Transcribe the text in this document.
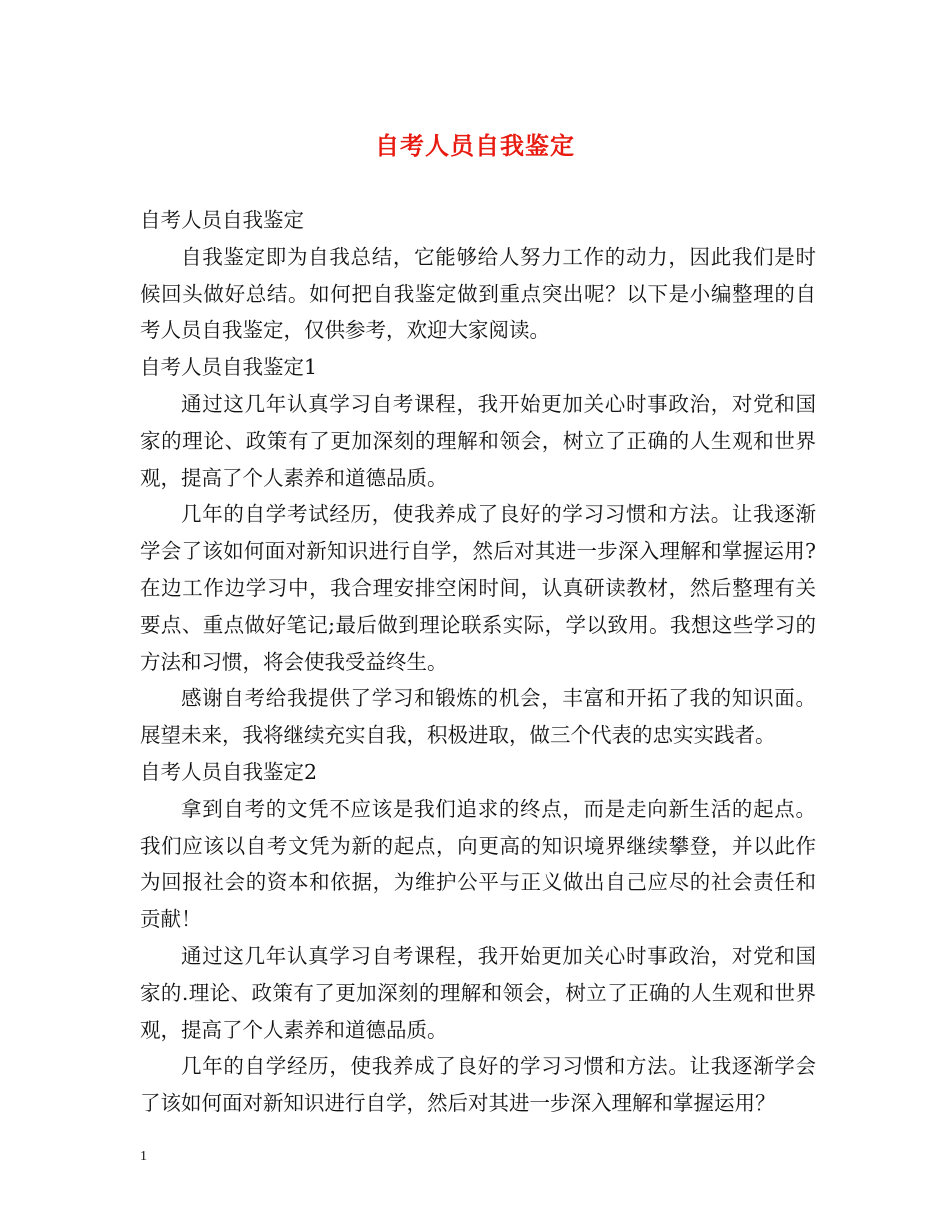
自考人员自我鉴定

自考人员自我鉴定

自我鉴定即为自我总结，它能够给人努力工作的动力，因此我们是时候回头做好总结。如何把自我鉴定做到重点突出呢？以下是小编整理的自考人员自我鉴定，仅供参考，欢迎大家阅读。

自考人员自我鉴定1

通过这几年认真学习自考课程，我开始更加关心时事政治，对党和国家的理论、政策有了更加深刻的理解和领会，树立了正确的人生观和世界观，提高了个人素养和道德品质。

几年的自学考试经历，使我养成了良好的学习习惯和方法。让我逐渐学会了该如何面对新知识进行自学，然后对其进一步深入理解和掌握运用?在边工作边学习中，我合理安排空闲时间，认真研读教材，然后整理有关要点、重点做好笔记;最后做到理论联系实际，学以致用。我想这些学习的方法和习惯，将会使我受益终生。

感谢自考给我提供了学习和锻炼的机会，丰富和开拓了我的知识面。展望未来，我将继续充实自我，积极进取，做三个代表的忠实实践者。

自考人员自我鉴定2

拿到自考的文凭不应该是我们追求的终点，而是走向新生活的起点。我们应该以自考文凭为新的起点，向更高的知识境界继续攀登，并以此作为回报社会的资本和依据，为维护公平与正义做出自己应尽的社会责任和贡献！

通过这几年认真学习自考课程，我开始更加关心时事政治，对党和国家的.理论、政策有了更加深刻的理解和领会，树立了正确的人生观和世界观，提高了个人素养和道德品质。

几年的自学经历，使我养成了良好的学习习惯和方法。让我逐渐学会了该如何面对新知识进行自学，然后对其进一步深入理解和掌握运用？

1
